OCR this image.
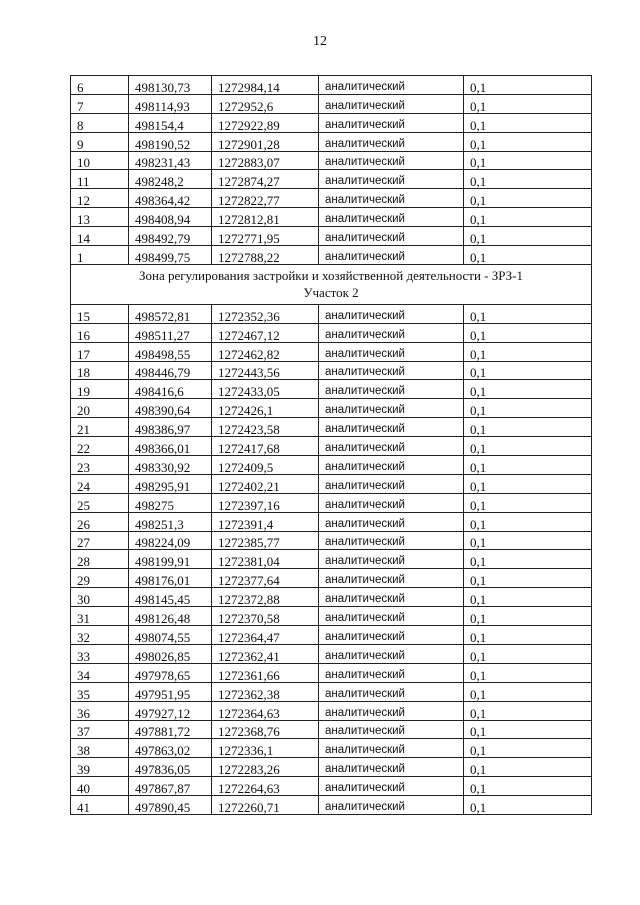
12
6	498130,73	1272984,14	аналитический	0,1
7	498114,93	1272952,6	аналитический	0,1
8	498154,4	1272922,89	аналитический	0,1
9	498190,52	1272901,28	аналитический	0,1
10	498231,43	1272883,07	аналитический	0,1
11	498248,2	1272874,27	аналитический	0,1
12	498364,42	1272822,77	аналитический	0,1
13	498408,94	1272812,81	аналитический	0,1
14	498492,79	1272771,95	аналитический	0,1
1	498499,75	1272788,22	аналитический	0,1

Зона регулирования застройки и хозяйственной деятельности - ЗРЗ-1
Участок 2				

15	498572,81	1272352,36	аналитический	0,1
16	498511,27	1272467,12	аналитический	0,1
17	498498,55	1272462,82	аналитический	0,1
18	498446,79	1272443,56	аналитический	0,1
19	498416,6	1272433,05	аналитический	0,1
20	498390,64	1272426,1	аналитический	0,1
21	498386,97	1272423,58	аналитический	0,1
22	498366,01	1272417,68	аналитический	0,1
23	498330,92	1272409,5	аналитический	0,1
24	498295,91	1272402,21	аналитический	0,1
25	498275	1272397,16	аналитический	0,1
26	498251,3	1272391,4	аналитический	0,1
27	498224,09	1272385,77	аналитический	0,1
28	498199,91	1272381,04	аналитический	0,1
29	498176,01	1272377,64	аналитический	0,1
30	498145,45	1272372,88	аналитический	0,1
31	498126,48	1272370,58	аналитический	0,1
32	498074,55	1272364,47	аналитический	0,1
33	498026,85	1272362,41	аналитический	0,1
34	497978,65	1272361,66	аналитический	0,1
35	497951,95	1272362,38	аналитический	0,1
36	497927,12	1272364,63	аналитический	0,1
37	497881,72	1272368,76	аналитический	0,1
38	497863,02	1272336,1	аналитический	0,1
39	497836,05	1272283,26	аналитический	0,1
40	497867,87	1272264,63	аналитический	0,1
41	497890,45	1272260,71	аналитический	0,1
